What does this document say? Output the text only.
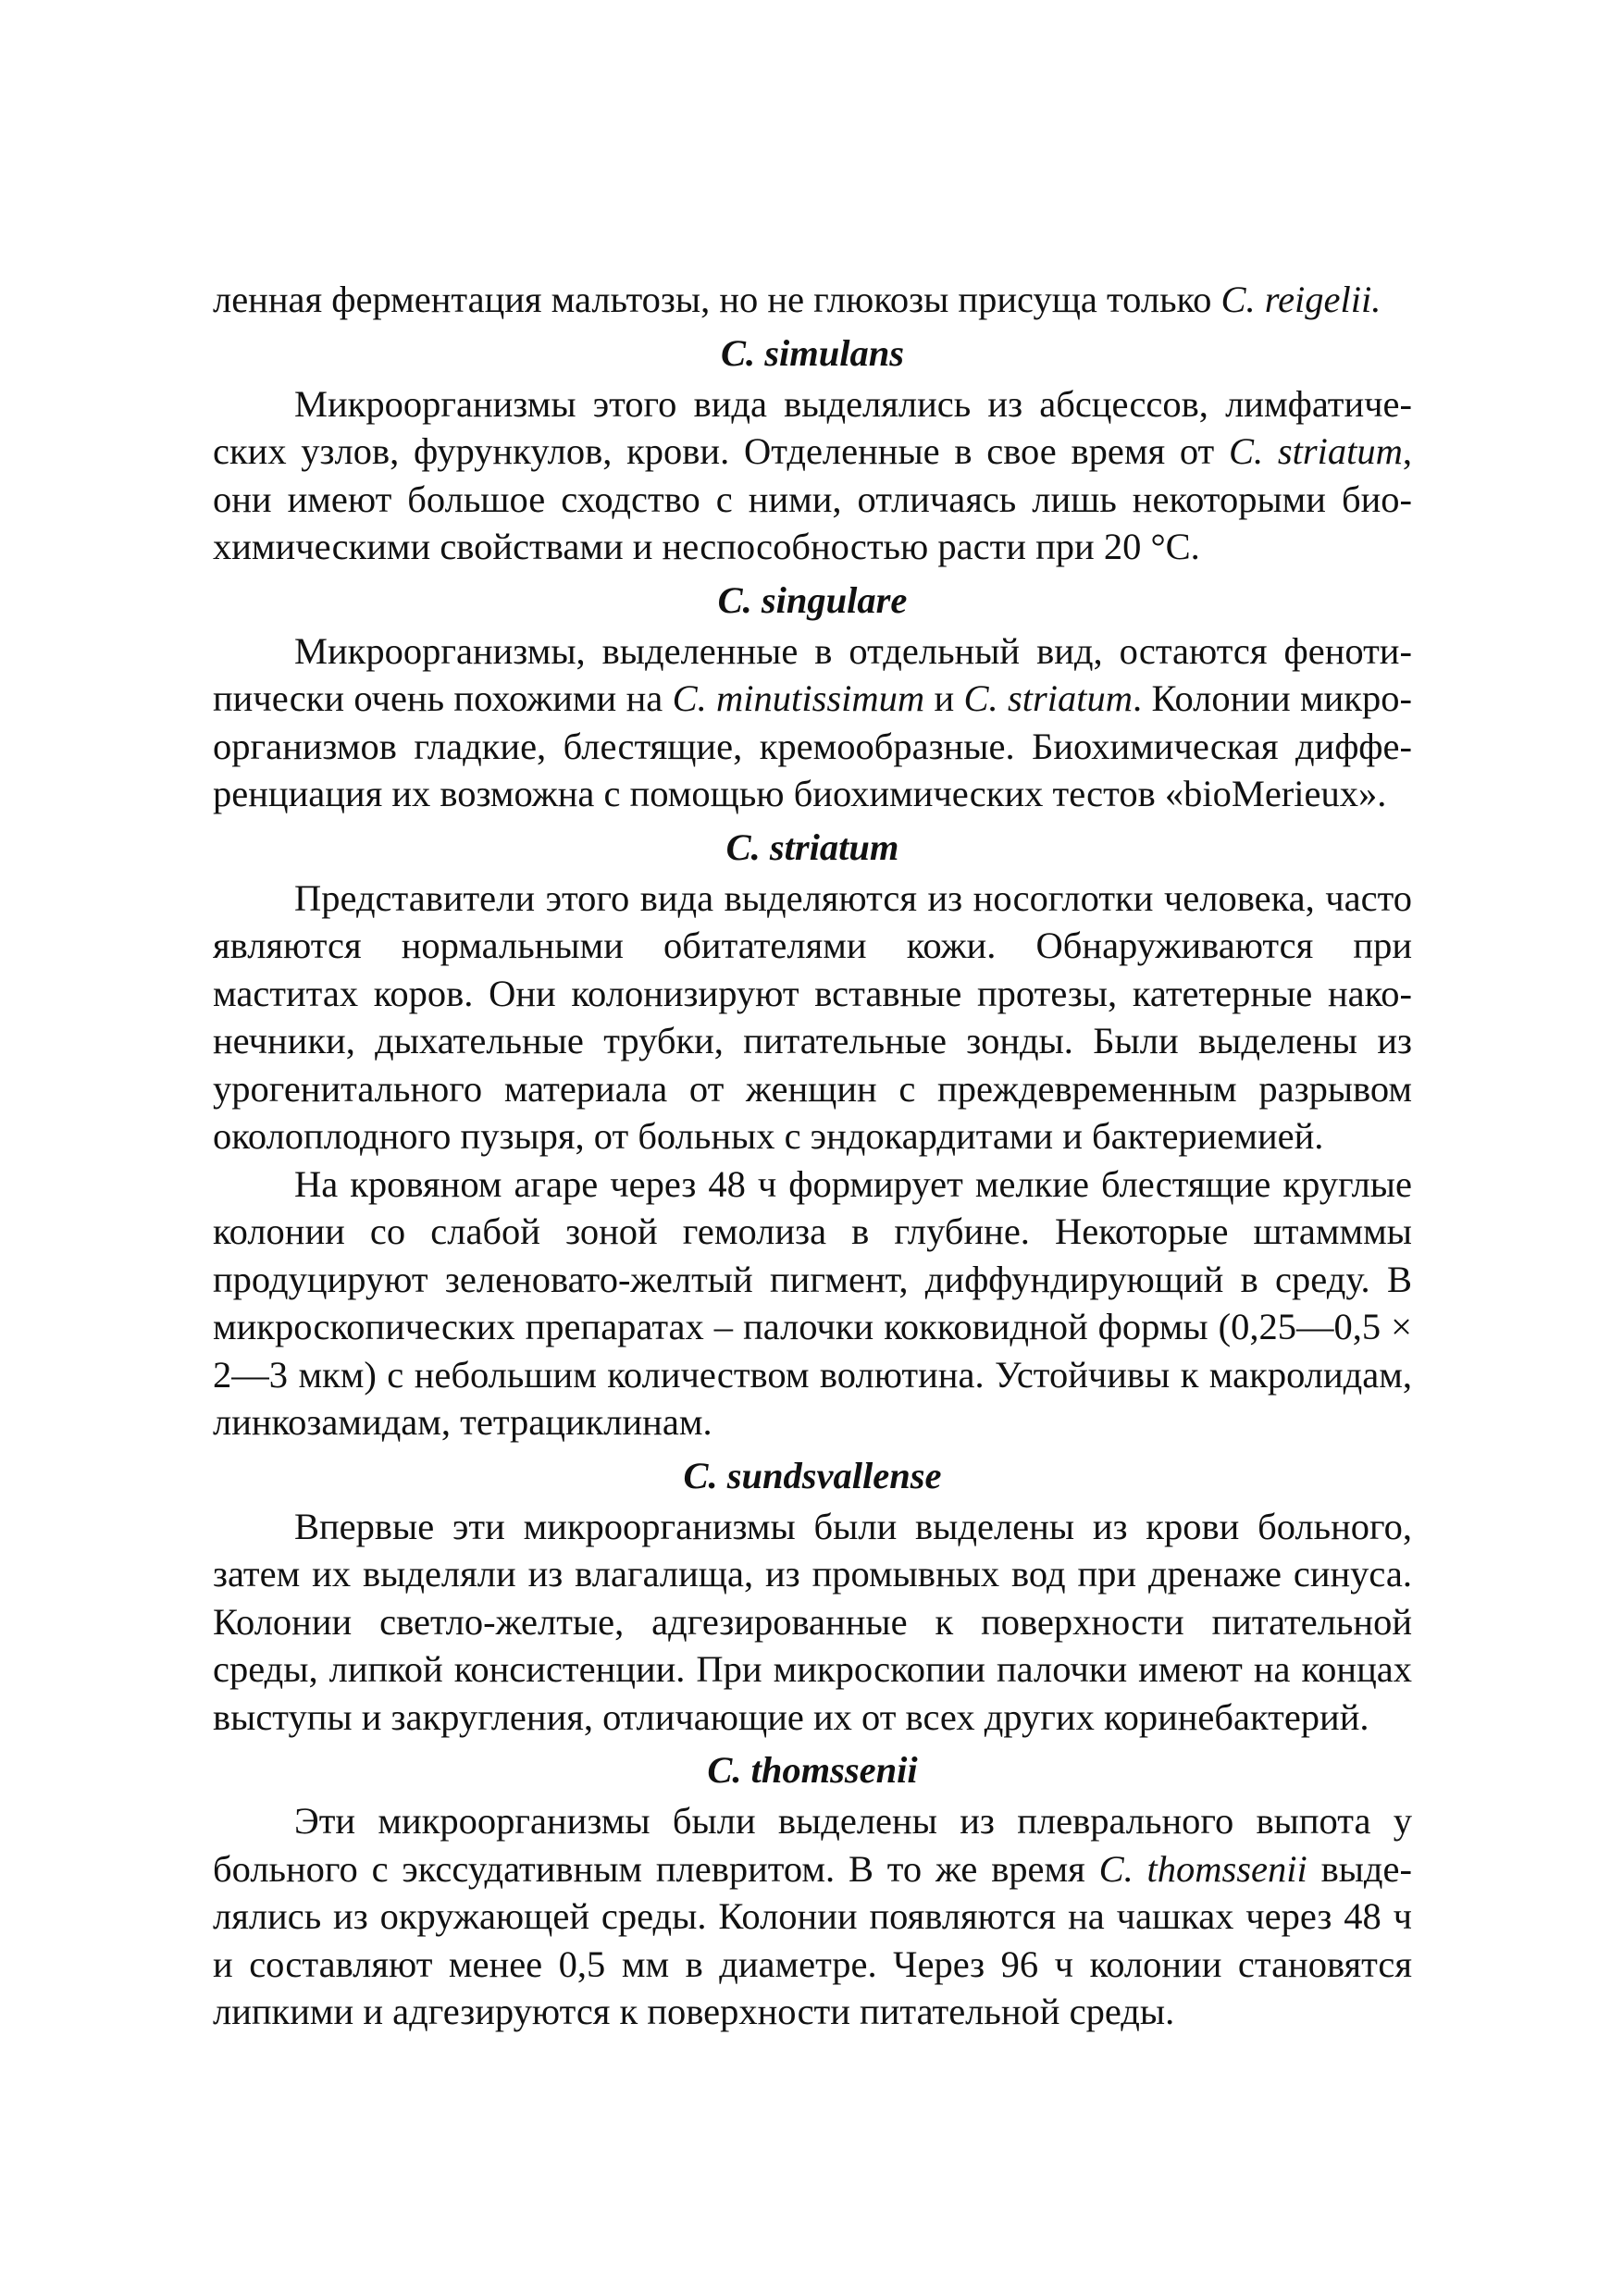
ленная ферментация мальтозы, но не глюкозы присуща только C. reigelii.

C. simulans

Микроорганизмы этого вида выделялись из абсцессов, лимфатических узлов, фурункулов, крови. Отделенные в свое время от C. striatum, они имеют большое сходство с ними, отличаясь лишь некоторыми биохимическими свойствами и неспособностью расти при 20 °С.

C. singulare

Микроорганизмы, выделенные в отдельный вид, остаются фенотипически очень похожими на C. minutissimum и C. striatum. Колонии микроорганизмов гладкие, блестящие, кремообразные. Биохимическая дифференциация их возможна с помощью биохимических тестов «bioMerieux».

C. striatum

Представители этого вида выделяются из носоглотки человека, часто являются нормальными обитателями кожи. Обнаруживаются при маститах коров. Они колонизируют вставные протезы, катетерные наконечники, дыхательные трубки, питательные зонды. Были выделены из урогенитального материала от женщин с преждевременным разрывом околоплодного пузыря, от больных с эндокардитами и бактериемией.

На кровяном агаре через 48 ч формирует мелкие блестящие круглые колонии со слабой зоной гемолиза в глубине. Некоторые штамммы продуцируют зеленовато-желтый пигмент, диффундирующий в среду. В микроскопических препаратах – палочки кокковидной формы (0,25—0,5 × 2—3 мкм) с небольшим количеством волютина. Устойчивы к макролидам, линкозамидам, тетрациклинам.

C. sundsvallense

Впервые эти микроорганизмы были выделены из крови больного, затем их выделяли из влагалища, из промывных вод при дренаже синуса. Колонии светло-желтые, адгезированные к поверхности питательной среды, липкой консистенции. При микроскопии палочки имеют на концах выступы и закругления, отличающие их от всех других коринебактерий.

C. thomssenii

Эти микроорганизмы были выделены из плеврального выпота у больного с экссудативным плевритом. В то же время C. thomssenii выделялись из окружающей среды. Колонии появляются на чашках через 48 ч и составляют менее 0,5 мм в диаметре. Через 96 ч колонии становятся липкими и адгезируются к поверхности питательной среды.
